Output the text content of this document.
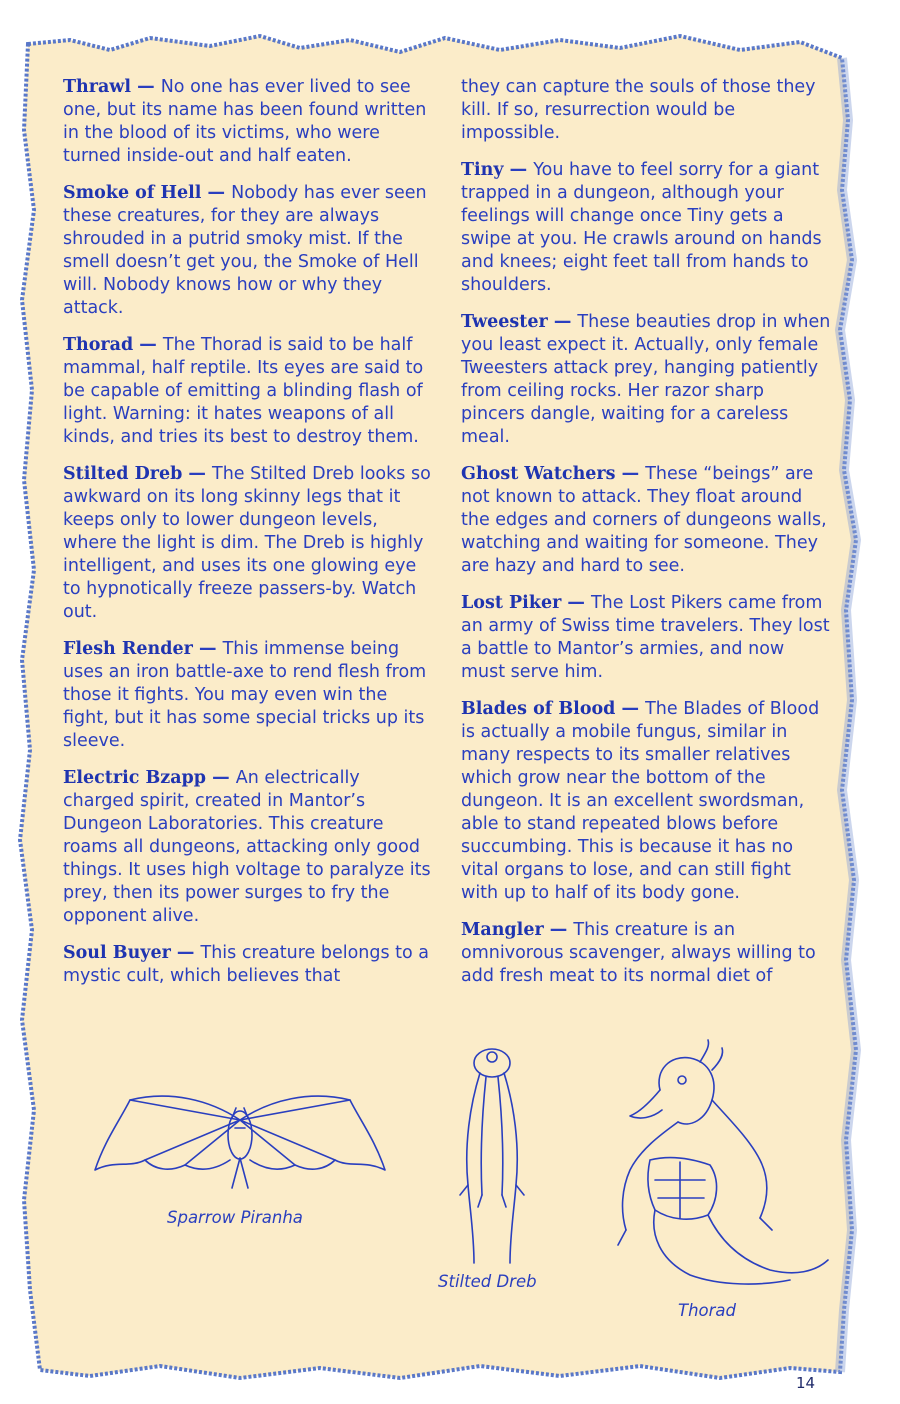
Thrawl — No one has ever lived to see one, but its name has been found written in the blood of its victims, who were turned inside-out and half eaten.

Smoke of Hell — Nobody has ever seen these creatures, for they are always shrouded in a putrid smoky mist. If the smell doesn’t get you, the Smoke of Hell will. Nobody knows how or why they attack.

Thorad — The Thorad is said to be half mammal, half reptile. Its eyes are said to be capable of emitting a blinding flash of light. Warning: it hates weapons of all kinds, and tries its best to destroy them.

Stilted Dreb — The Stilted Dreb looks so awkward on its long skinny legs that it keeps only to lower dungeon levels, where the light is dim. The Dreb is highly intelligent, and uses its one glowing eye to hypnotically freeze passers-by. Watch out.

Flesh Render — This immense being uses an iron battle-axe to rend flesh from those it fights. You may even win the fight, but it has some special tricks up its sleeve.

Electric Bzapp — An electrically charged spirit, created in Mantor’s Dungeon Laboratories. This creature roams all dungeons, attacking only good things. It uses high voltage to paralyze its prey, then its power surges to fry the opponent alive.

Soul Buyer — This creature belongs to a mystic cult, which believes that

they can capture the souls of those they kill. If so, resurrection would be impossible.

Tiny — You have to feel sorry for a giant trapped in a dungeon, although your feelings will change once Tiny gets a swipe at you. He crawls around on hands and knees; eight feet tall from hands to shoulders.

Tweester — These beauties drop in when you least expect it. Actually, only female Tweesters attack prey, hanging patiently from ceiling rocks. Her razor sharp pincers dangle, waiting for a careless meal.

Ghost Watchers — These “beings” are not known to attack. They float around the edges and corners of dungeons walls, watching and waiting for someone. They are hazy and hard to see.

Lost Piker — The Lost Pikers came from an army of Swiss time travelers. They lost a battle to Mantor’s armies, and now must serve him.

Blades of Blood — The Blades of Blood is actually a mobile fungus, similar in many respects to its smaller relatives which grow near the bottom of the dungeon. It is an excellent swordsman, able to stand repeated blows before succumbing. This is because it has no vital organs to lose, and can still fight with up to half of its body gone.

Mangler — This creature is an omnivorous scavenger, always willing to add fresh meat to its normal diet of

Sparrow Piranha
Stilted Dreb
Thorad
14
